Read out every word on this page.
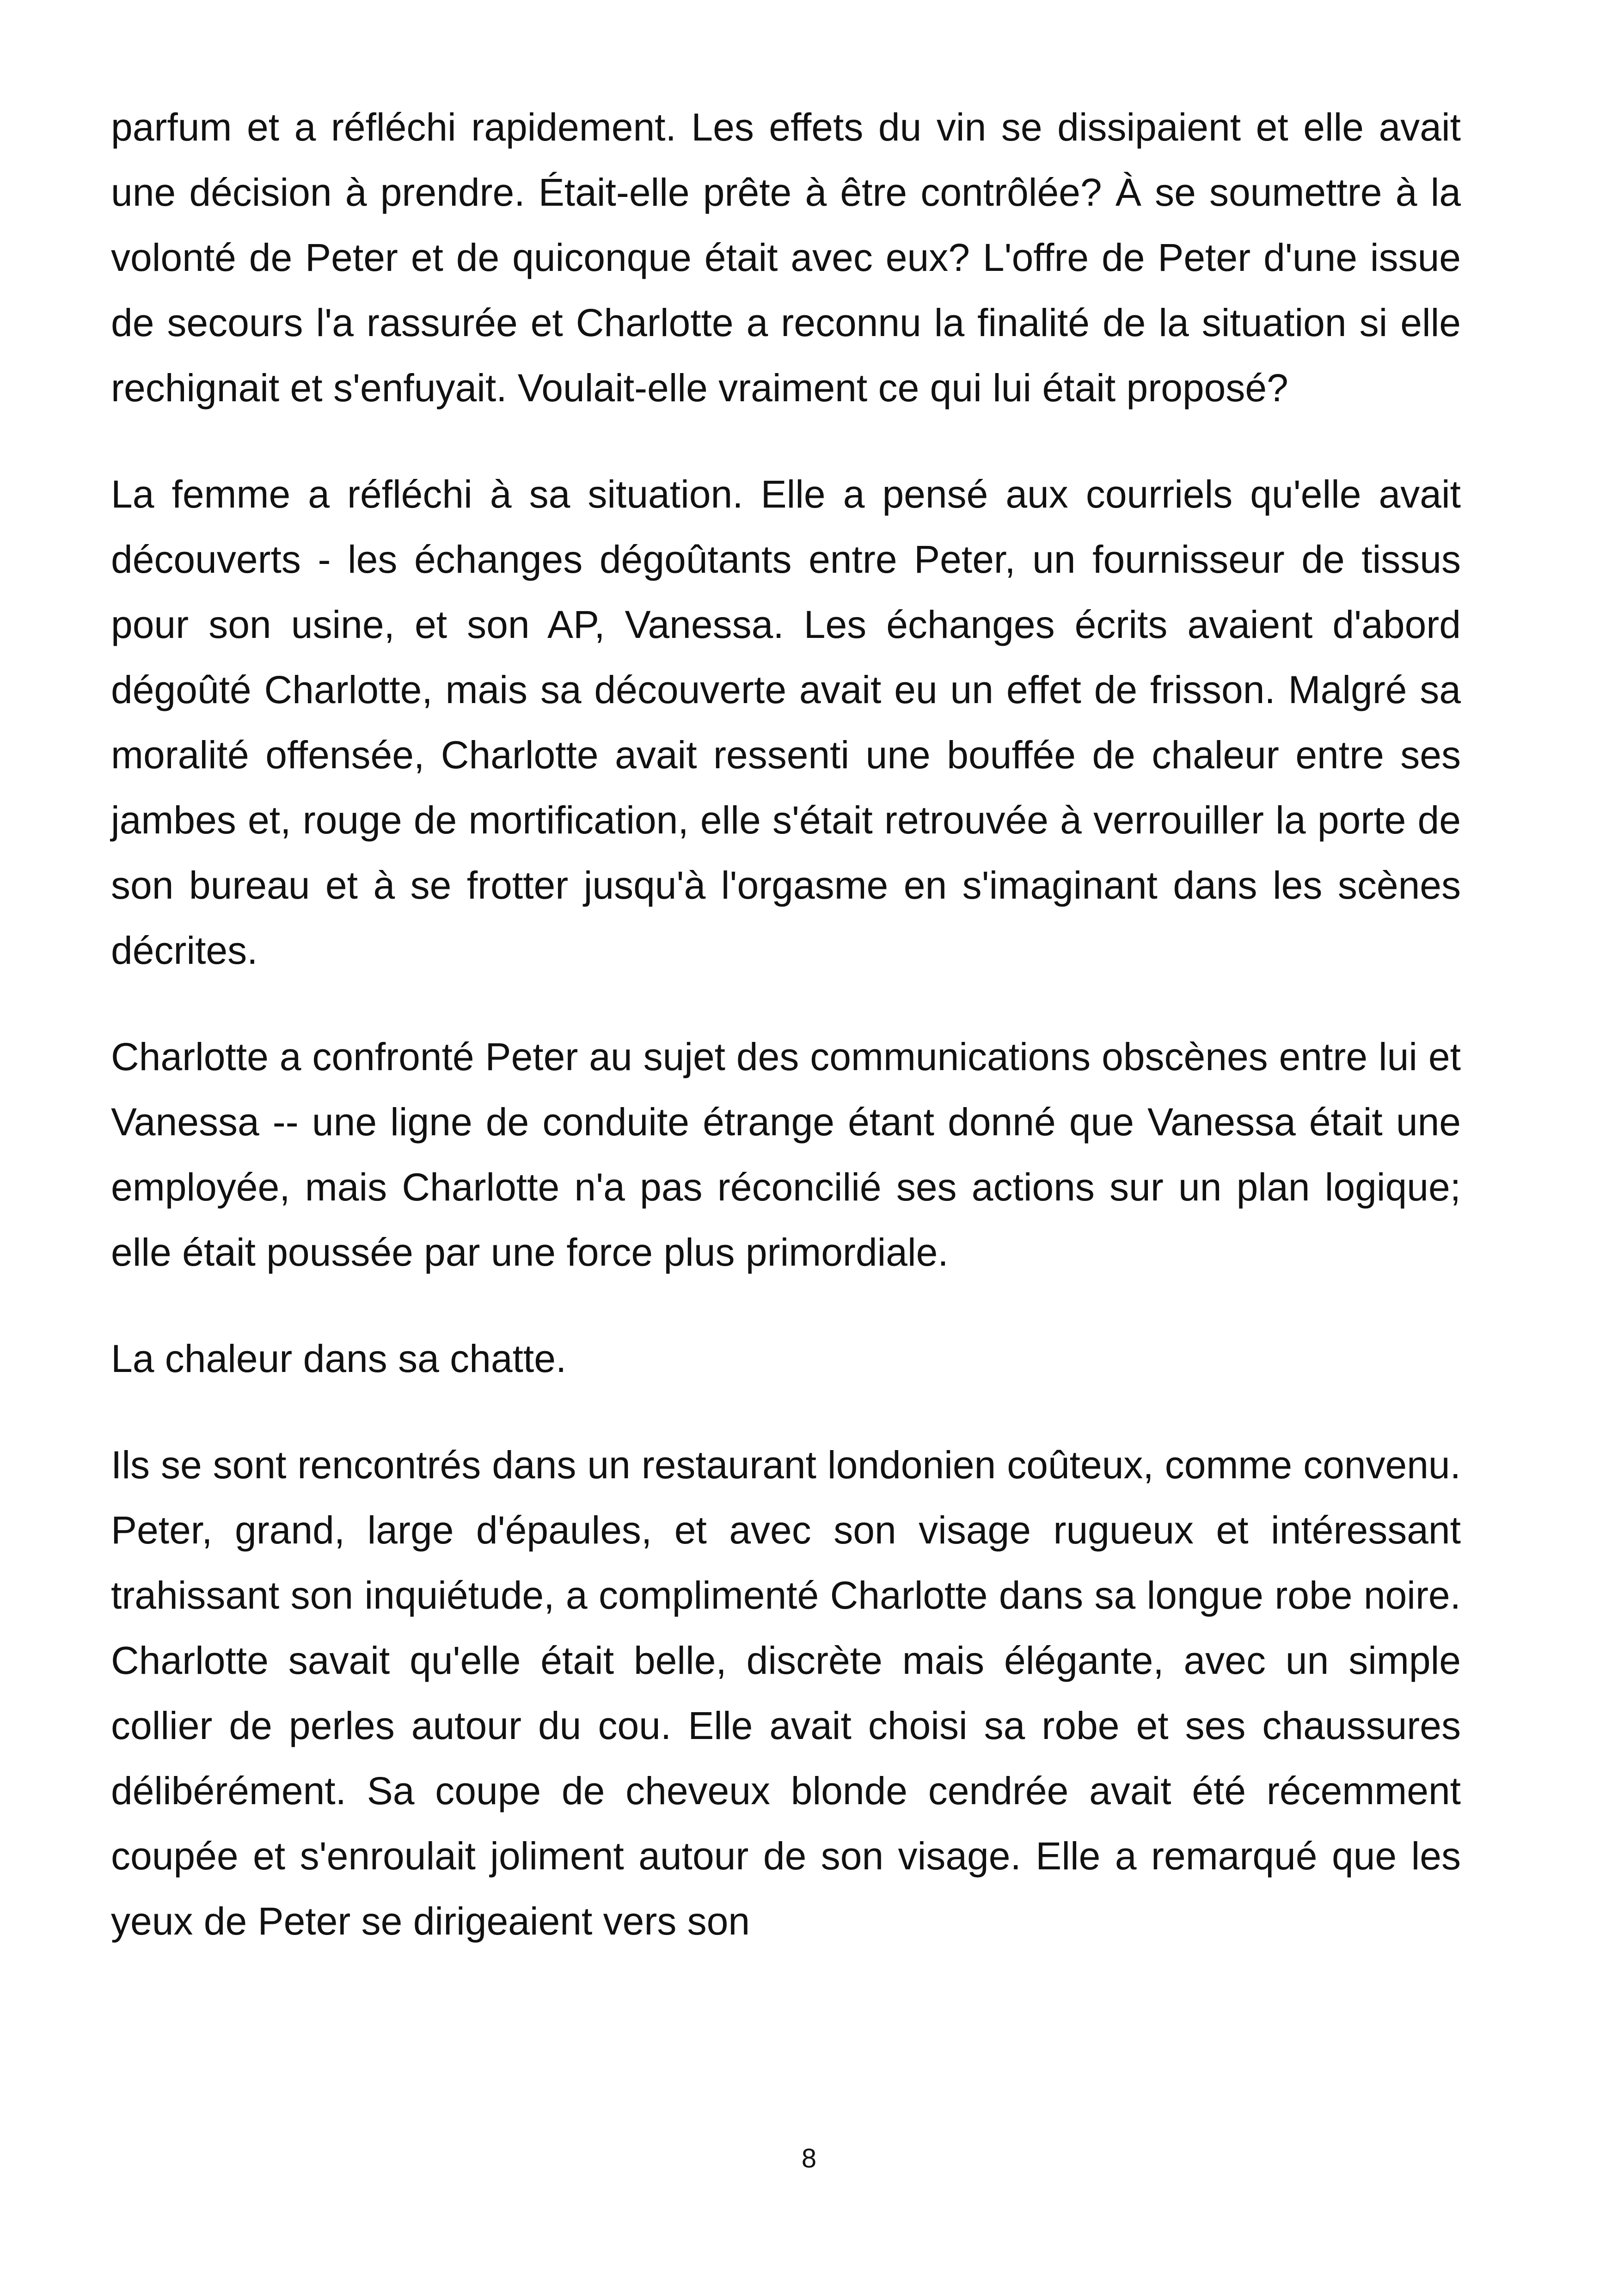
parfum et a réfléchi rapidement. Les effets du vin se dissipaient et elle avait une décision à prendre. Était-elle prête à être contrôlée? À se soumettre à la volonté de Peter et de quiconque était avec eux? L'offre de Peter d'une issue de secours l'a rassurée et Charlotte a reconnu la finalité de la situation si elle rechignait et s'enfuyait. Voulait-elle vraiment ce qui lui était proposé?

La femme a réfléchi à sa situation. Elle a pensé aux courriels qu'elle avait découverts - les échanges dégoûtants entre Peter, un fournisseur de tissus pour son usine, et son AP, Vanessa. Les échanges écrits avaient d'abord dégoûté Charlotte, mais sa découverte avait eu un effet de frisson. Malgré sa moralité offensée, Charlotte avait ressenti une bouffée de chaleur entre ses jambes et, rouge de mortification, elle s'était retrouvée à verrouiller la porte de son bureau et à se frotter jusqu'à l'orgasme en s'imaginant dans les scènes décrites.

Charlotte a confronté Peter au sujet des communications obscènes entre lui et Vanessa -- une ligne de conduite étrange étant donné que Vanessa était une employée, mais Charlotte n'a pas réconcilié ses actions sur un plan logique; elle était poussée par une force plus primordiale.

La chaleur dans sa chatte.

Ils se sont rencontrés dans un restaurant londonien coûteux, comme convenu. Peter, grand, large d'épaules, et avec son visage rugueux et intéressant trahissant son inquiétude, a complimenté Charlotte dans sa longue robe noire. Charlotte savait qu'elle était belle, discrète mais élégante, avec un simple collier de perles autour du cou. Elle avait choisi sa robe et ses chaussures délibérément. Sa coupe de cheveux blonde cendrée avait été récemment coupée et s'enroulait joliment autour de son visage. Elle a remarqué que les yeux de Peter se dirigeaient vers son

8
